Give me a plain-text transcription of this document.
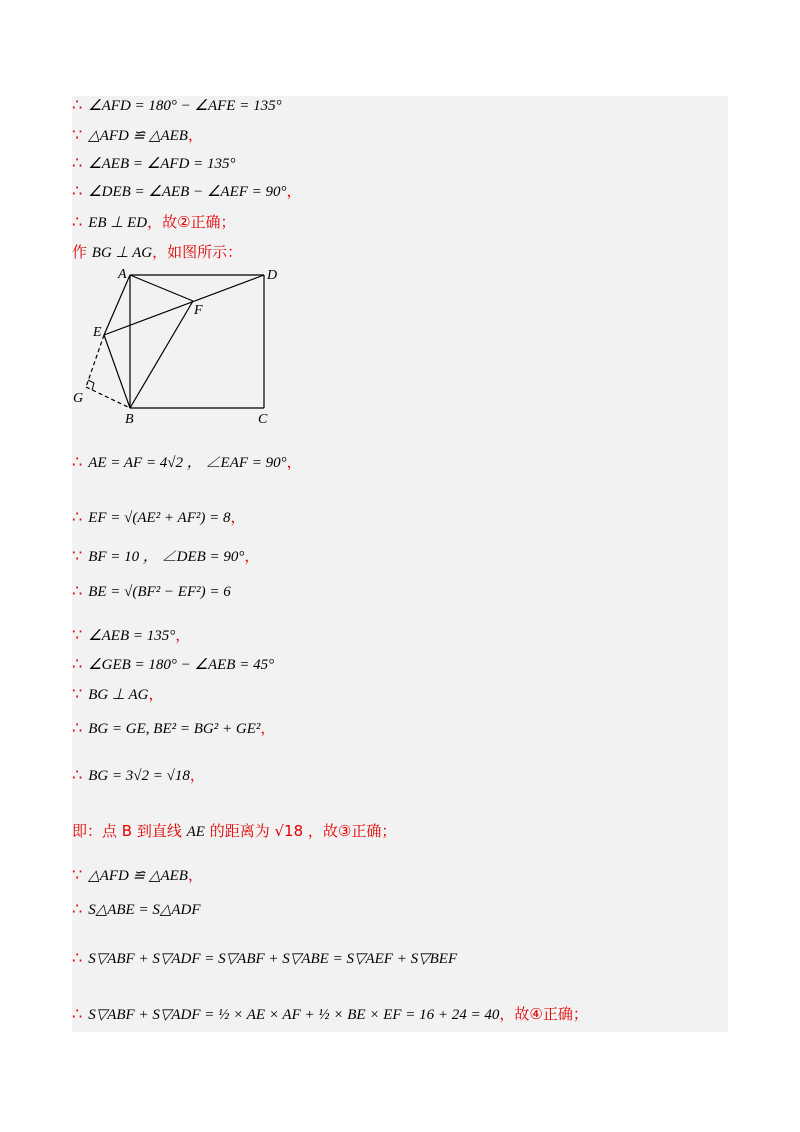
∴ ∠AFD = 180° − ∠AFE = 135°
∵ △AFD ≌ △AEB，
∴ ∠AEB = ∠AFD = 135°
∴ ∠DEB = ∠AEB − ∠AEF = 90°，
∴ EB ⊥ ED，故②正确；
作 BG ⊥ AG，如图所示：
∴ AE = AF = 4√2 ， ∠EAF = 90°，
∴ EF = √(AE² + AF²) = 8，
∵ BF = 10 ， ∠DEB = 90°，
∴ BE = √(BF² − EF²) = 6
∵ ∠AEB = 135°，
∴ ∠GEB = 180° − ∠AEB = 45°
∵ BG ⊥ AG，
∴ BG = GE, BE² = BG² + GE²，
∴ BG = 3√2 = √18，
即：点 B 到直线 AE 的距离为 √18 ，故③正确；
∵ △AFD ≌ △AEB，
∴ S△ABE = S△ADF
∴ S▽ABF + S▽ADF = S▽ABF + S▽ABE = S▽AEF + S▽BEF
∴ S▽ABF + S▽ADF = ½ × AE × AF + ½ × BE × EF = 16 + 24 = 40，故④正确；
A	D
F
E
G
B	C
